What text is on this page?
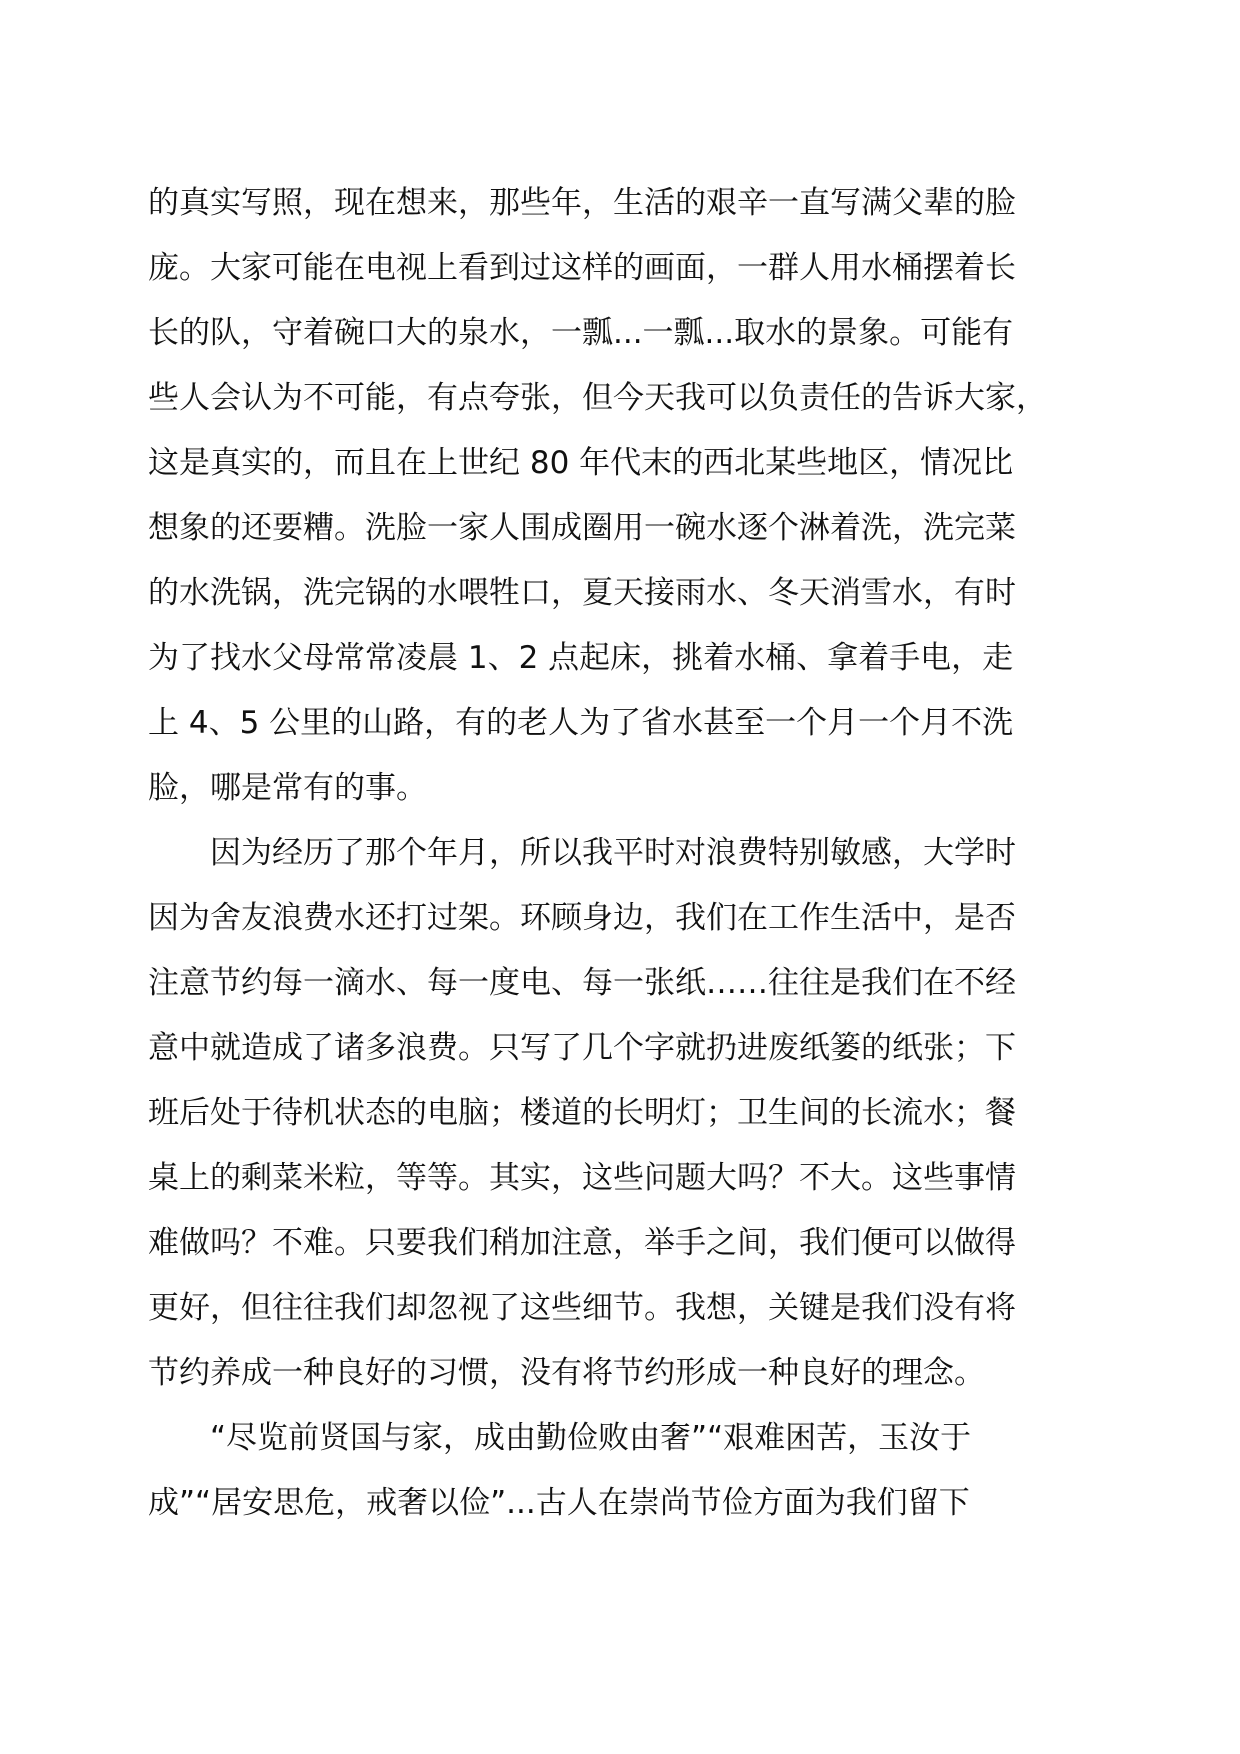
的真实写照，现在想来，那些年，生活的艰辛一直写满父辈的脸
庞。大家可能在电视上看到过这样的画面，一群人用水桶摆着长
长的队，守着碗口大的泉水，一瓢...一瓢...取水的景象。可能有
些人会认为不可能，有点夸张，但今天我可以负责任的告诉大家，
这是真实的，而且在上世纪 80 年代末的西北某些地区，情况比
想象的还要糟。洗脸一家人围成圈用一碗水逐个淋着洗，洗完菜
的水洗锅，洗完锅的水喂牲口，夏天接雨水、冬天消雪水，有时
为了找水父母常常凌晨 1、2 点起床，挑着水桶、拿着手电，走
上 4、5 公里的山路，有的老人为了省水甚至一个月一个月不洗
脸，哪是常有的事。
　　因为经历了那个年月，所以我平时对浪费特别敏感，大学时
因为舍友浪费水还打过架。环顾身边，我们在工作生活中，是否
注意节约每一滴水、每一度电、每一张纸……往往是我们在不经
意中就造成了诸多浪费。只写了几个字就扔进废纸篓的纸张；下
班后处于待机状态的电脑；楼道的长明灯；卫生间的长流水；餐
桌上的剩菜米粒，等等。其实，这些问题大吗？不大。这些事情
难做吗？不难。只要我们稍加注意，举手之间，我们便可以做得
更好，但往往我们却忽视了这些细节。我想，关键是我们没有将
节约养成一种良好的习惯，没有将节约形成一种良好的理念。
　　“尽览前贤国与家，成由勤俭败由奢”“艰难困苦，玉汝于
成”“居安思危，戒奢以俭”...古人在崇尚节俭方面为我们留下
